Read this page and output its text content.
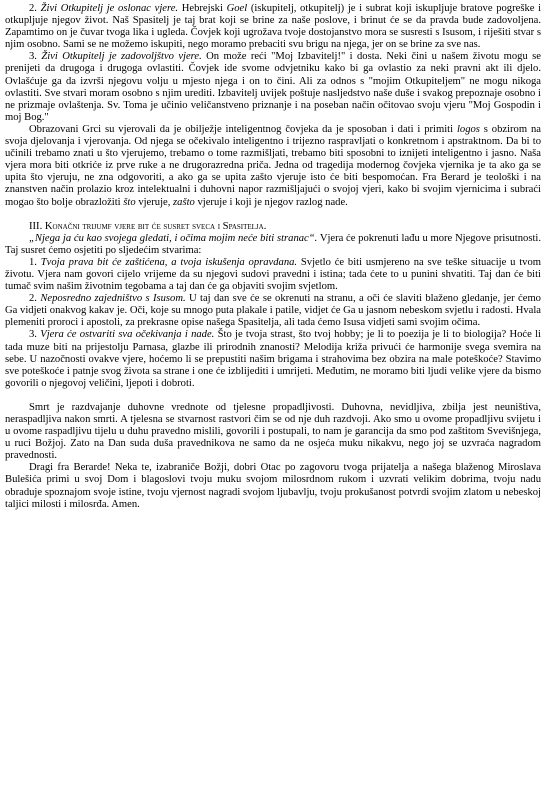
2. Živi Otkupitelj je oslonac vjere. Hebrejski Goel (iskupitelj, otkupitelj) je i subrat koji iskupljuje bratove pogreške i otkupljuje njegov život. Naš Spasitelj je taj brat koji se brine za naše poslove, i brinut će se da pravda bude zadovoljena. Zapamtimo on je čuvar tvoga lika i ugleda. Čovjek koji ugrožava tvoje dostojanstvo mora se susresti s Isusom, i riješiti stvar s njim osobno. Sami se ne možemo iskupiti, nego moramo prebaciti svu brigu na njega, jer on se brine za sve nas.

3. Živi Otkupitelj je zadovoljštvo vjere. On može reći "Moj Izbavitelj!" i dosta. Neki čini u našem životu mogu se prenijeti da drugoga i drugoga ovlastiti. Čovjek ide svome odvjetniku kako bi ga ovlastio za neki pravni akt ili djelo. Ovlašćuje ga da izvrši njegovu volju u mjesto njega i on to čini. Ali za odnos s "mojim Otkupiteljem" ne mogu nikoga ovlastiti. Sve stvari moram osobno s njim urediti. Izbavitelj uvijek poštuje nasljedstvo naše duše i svakog prepoznaje osobno i ne prizmaje ovlaštenja. Sv. Toma je učinio veličanstveno priznanje i na poseban način očitovao svoju vjeru "Moj Gospodin i moj Bog."

Obrazovani Grci su vjerovali da je obilježje inteligentnog čovjeka da je sposoban i dati i primiti logos s obzirom na svoja djelovanja i vjerovanja. Od njega se očekivalo inteligentno i trijezno raspravljati o konkretnom i apstraktnom. Da bi to učinili trebamo znati u što vjerujemo, trebamo o tome razmišljati, trebamo biti sposobni to iznijeti inteligentno i jasno. Naša vjera mora biti otkriće iz prve ruke a ne drugorazredna priča. Jedna od tragedija modernog čovjeka vjernika je ta ako ga se upita što vjeruju, ne zna odgovoriti, a ako ga se upita zašto vjeruje isto će biti bespomoćan. Fra Berard je teološki i na znanstven način prolazio kroz intelektualni i duhovni napor razmišljajući o svojoj vjeri, kako bi svojim vjernicima i subraći mogao što bolje obrazložiti što vjeruje, zašto vjeruje i koji je njegov razlog nade.

III. Konačni trijumf vjere bit će susret sveca i Spasitelja.

„Njega ja ću kao svojega gledati, i očima mojim neće biti stranac“. Vjera će pokrenuti lađu u more Njegove prisutnosti. Taj susret ćemo osjetiti po sljedećim stvarima:

1. Tvoja prava bit će zaštićena, a tvoja iskušenja opravdana. Svjetlo će biti usmjereno na sve teške situacije u tvom životu. Vjera nam govori cijelo vrijeme da su njegovi sudovi pravedni i istina; tada ćete to u punini shvatiti. Taj dan će biti tumač svim našim životnim tegobama a taj dan će ga objaviti svojim svjetlom.

2. Neposredno zajedništvo s Isusom. U taj dan sve će se okrenuti na stranu, a oči će slaviti blaženo gledanje, jer ćemo Ga vidjeti onakvog kakav je. Oči, koje su mnogo puta plakale i patile, vidjet će Ga u jasnom nebeskom svjetlu i radosti. Hvala plemeniti proroci i apostoli, za prekrasne opise našega Spasitelja, ali tada ćemo Isusa vidjeti sami svojim očima.

3. Vjera će ostvariti sva očekivanja i nade. Što je tvoja strast, što tvoj hobby; je li to poezija je li to biologija? Hoće li tada muze biti na prijestolju Parnasa, glazbe ili prirodnih znanosti? Melodija križa privući će harmonije svega svemira na sebe. U nazočnosti ovakve vjere, hoćemo li se prepustiti našim brigama i strahovima bez obzira na male poteškoće? Stavimo sve poteškoće i patnje svog života sa strane i one će izblijediti i umrijeti. Međutim, ne moramo biti ljudi velike vjere da bismo govorili o njegovoj veličini, ljepoti i dobroti.

Smrt je razdvajanje duhovne vrednote od tjelesne propadljivosti. Duhovna, nevidljiva, zbilja jest neuništiva, neraspadljiva nakon smrti. A tjelesna se stvarnost rastvori čim se od nje duh razdvoji. Ako smo u ovome propadljivu svijetu i u ovome raspadljivu tijelu u duhu pravedno mislili, govorili i postupali, to nam je garancija da smo pod zaštitom Svevišnjega, u ruci Božjoj. Zato na Dan suda duša pravednikova ne samo da ne osjeća muku nikakvu, nego joj se uzvraća nagradom pravednosti.

Dragi fra Berarde! Neka te, izabraniče Božji, dobri Otac po zagovoru tvoga prijatelja a našega blaženog Miroslava Bulešića primi u svoj Dom i blagoslovi tvoju muku svojom milosrdnom rukom i uzvrati velikim dobrima, tvoju nadu obraduje spoznajom svoje istine, tvoju vjernost nagradi svojom ljubavlju, tvoju prokušanost potvrdi svojim zlatom u nebeskoj taljici milosti i milosrđa. Amen.
